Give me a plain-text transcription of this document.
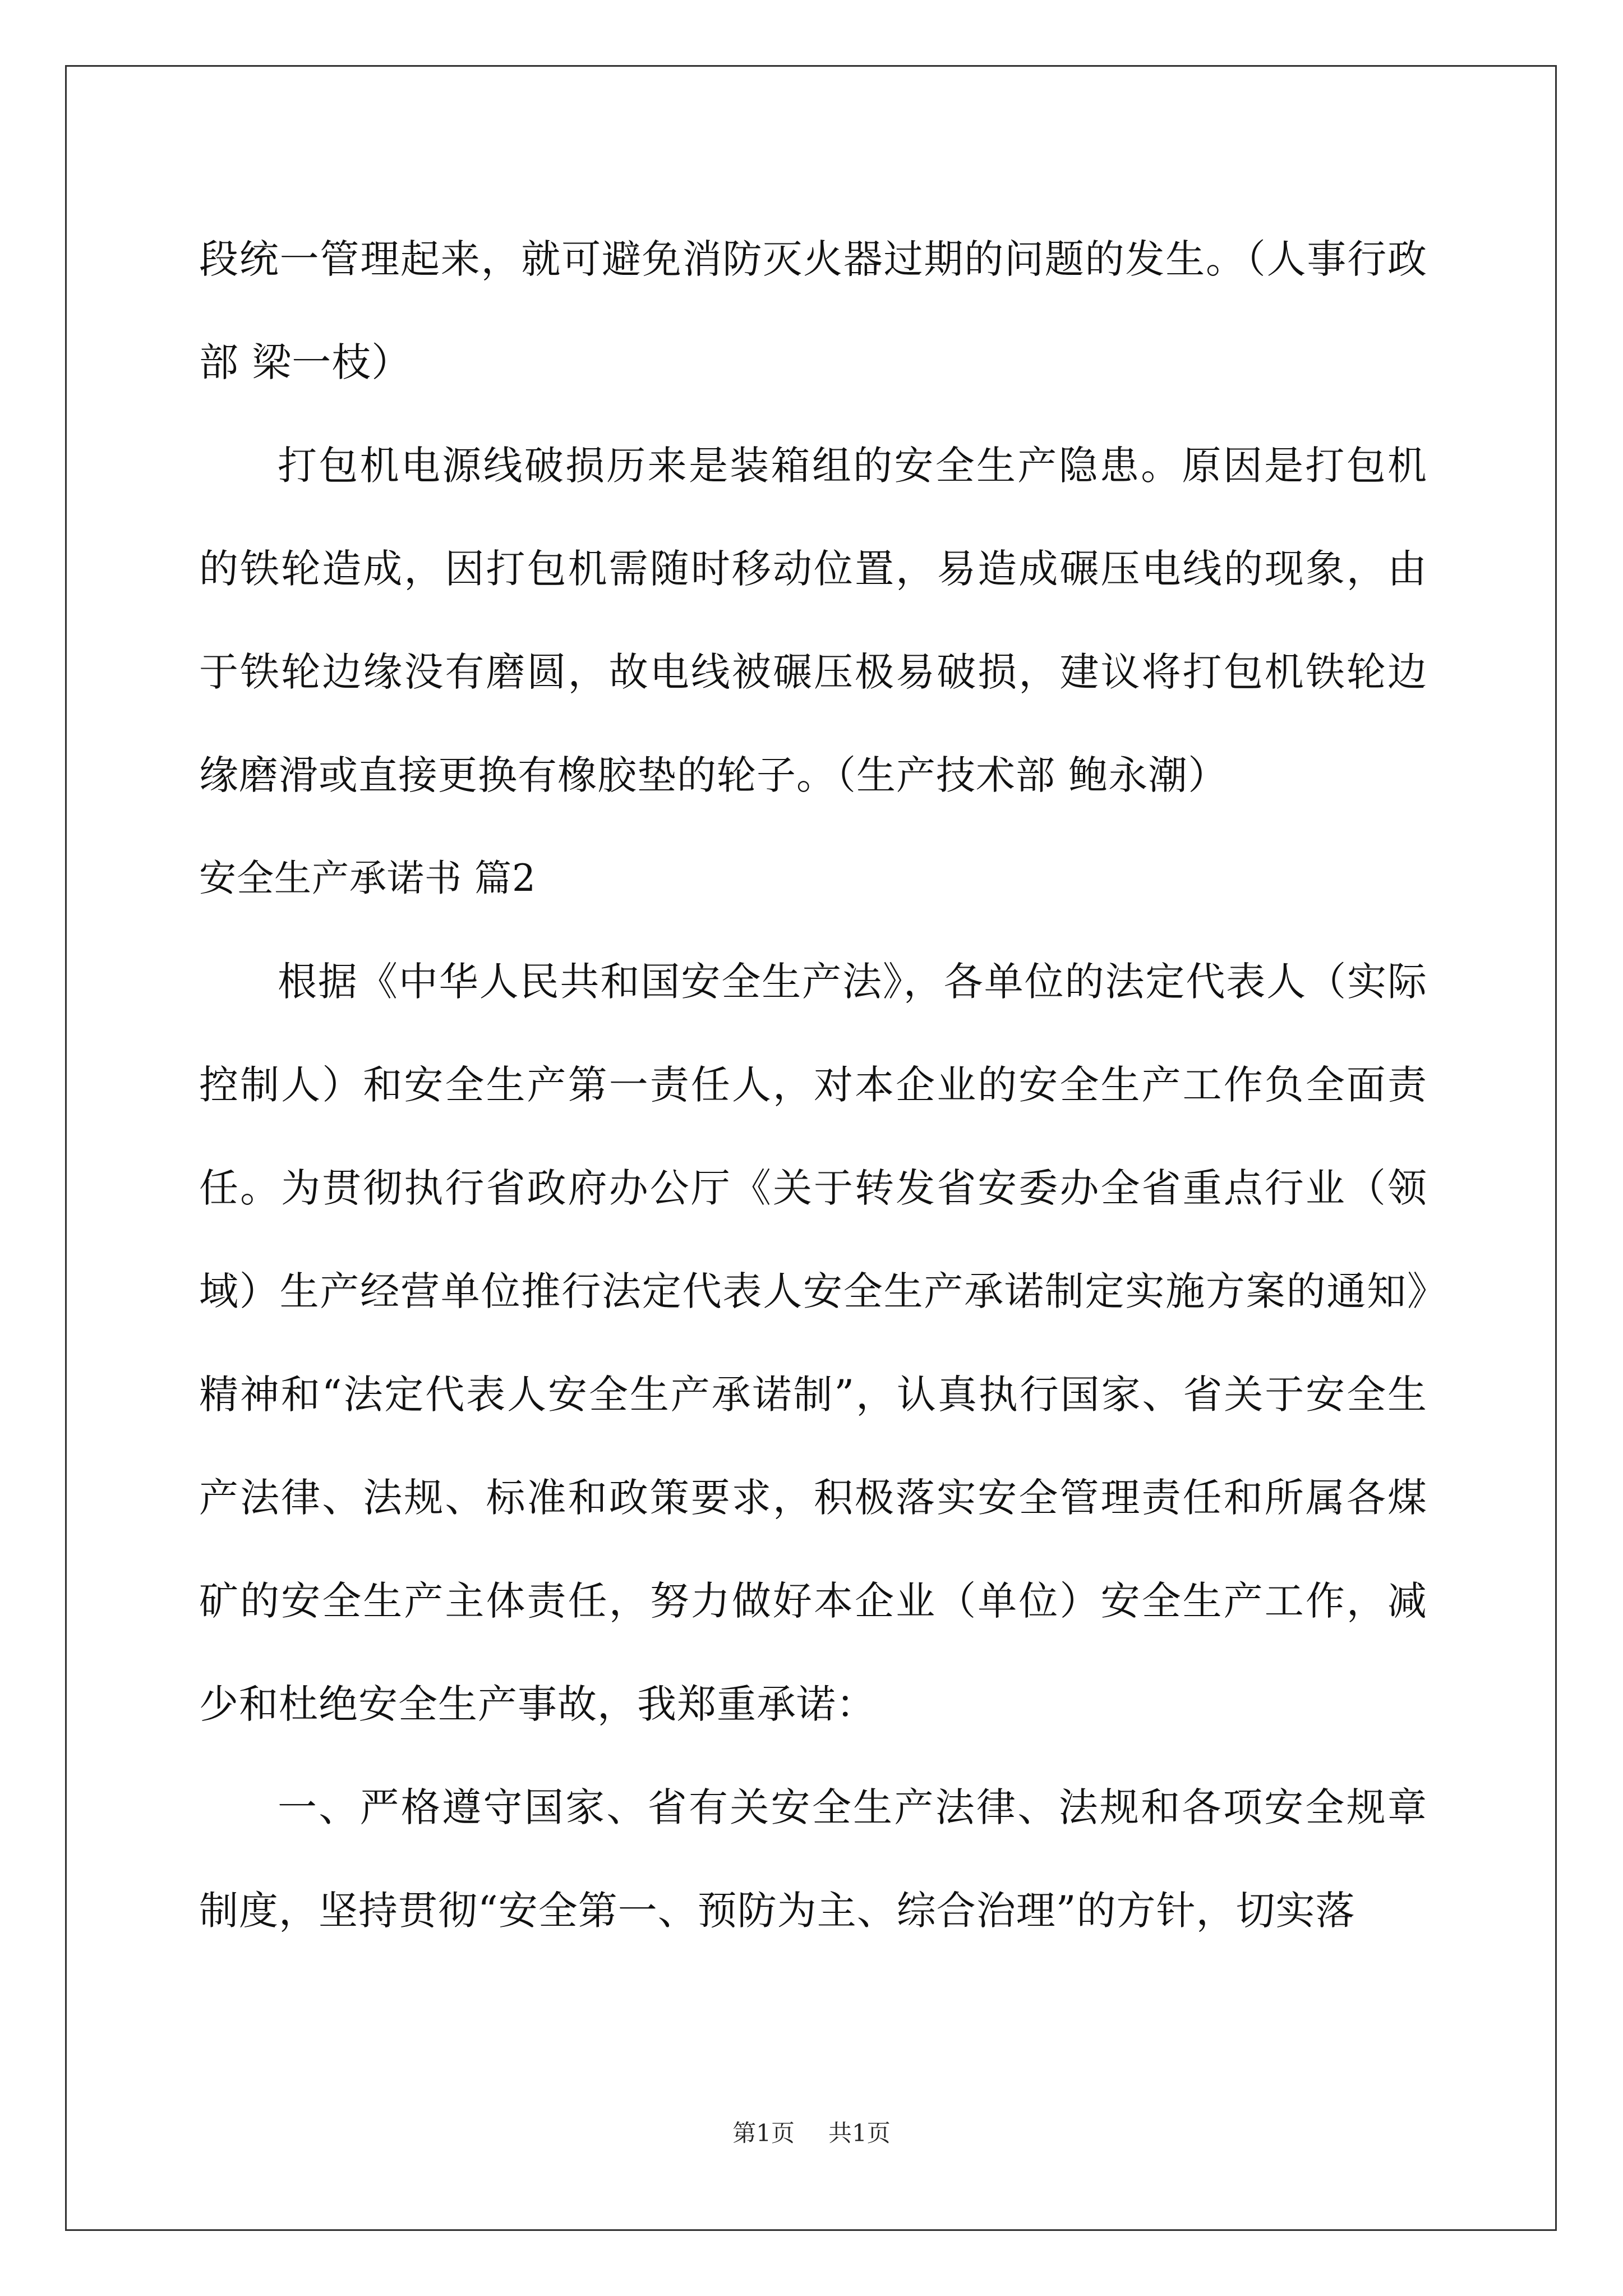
段统一管理起来，就可避免消防灭火器过期的问题的发生。（人事行政部 梁一枝）

打包机电源线破损历来是装箱组的安全生产隐患。原因是打包机的铁轮造成，因打包机需随时移动位置，易造成碾压电线的现象，由于铁轮边缘没有磨圆，故电线被碾压极易破损，建议将打包机铁轮边缘磨滑或直接更换有橡胶垫的轮子。（生产技术部 鲍永潮）

安全生产承诺书 篇2

根据《中华人民共和国安全生产法》，各单位的法定代表人（实际控制人）和安全生产第一责任人，对本企业的安全生产工作负全面责任。为贯彻执行省政府办公厅《关于转发省安委办全省重点行业（领域）生产经营单位推行法定代表人安全生产承诺制定实施方案的通知》精神和“法定代表人安全生产承诺制”，认真执行国家、省关于安全生产法律、法规、标准和政策要求，积极落实安全管理责任和所属各煤矿的安全生产主体责任，努力做好本企业（单位）安全生产工作，减少和杜绝安全生产事故，我郑重承诺：

一、严格遵守国家、省有关安全生产法律、法规和各项安全规章制度，坚持贯彻“安全第一、预防为主、综合治理”的方针，切实落

第1页 共1页
